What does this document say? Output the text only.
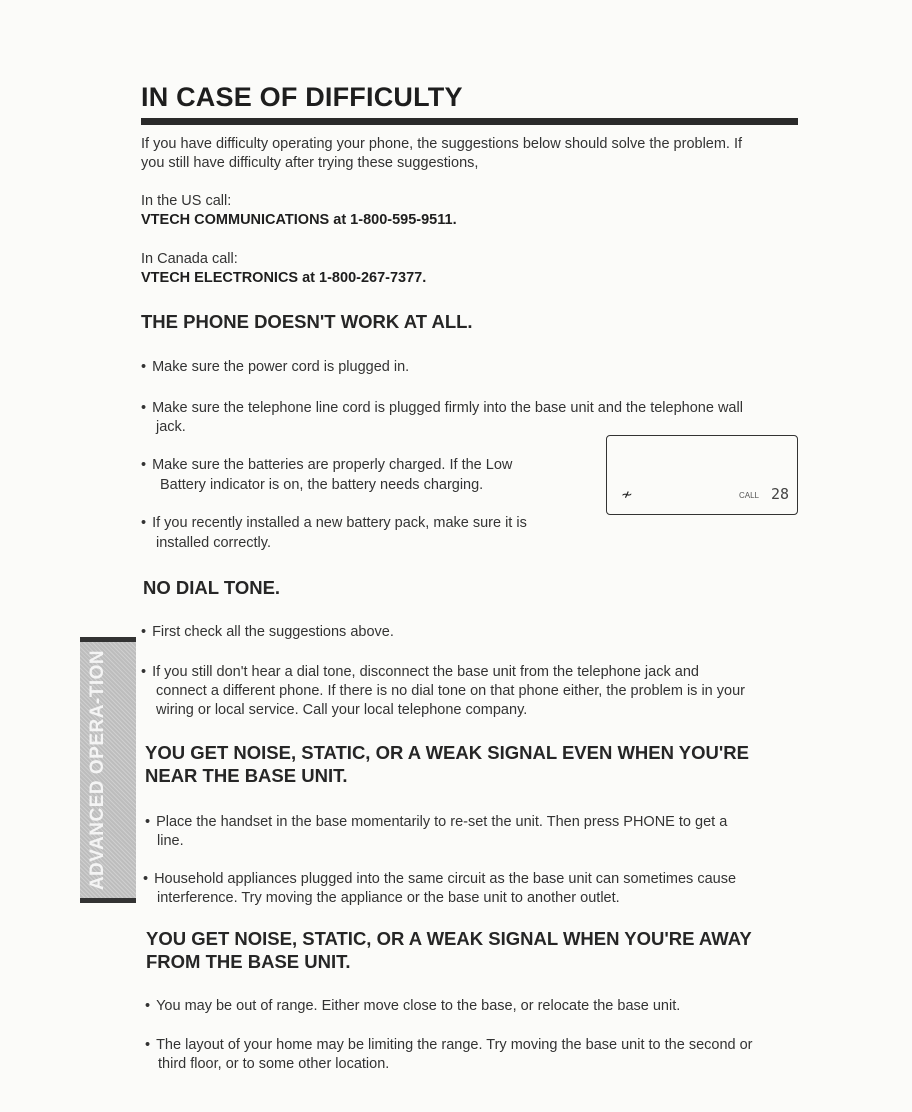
IN CASE OF DIFFICULTY
If you have difficulty operating your phone, the suggestions below should solve the problem. If
you still have difficulty after trying these suggestions,
In the US call:
VTECH COMMUNICATIONS at 1-800-595-9511.
In Canada call:
VTECH ELECTRONICS at 1-800-267-7377.
THE PHONE DOESN'T WORK AT ALL.
• Make sure the power cord is plugged in.
• Make sure the telephone line cord is plugged firmly into the base unit and the telephone wall
jack.
• Make sure the batteries are properly charged. If the Low
Battery indicator is on, the battery needs charging.
• If you recently installed a new battery pack, make sure it is
installed correctly.
≁	CALL 28
NO DIAL TONE.
• First check all the suggestions above.
• If you still don't hear a dial tone, disconnect the base unit from the telephone jack and
connect a different phone. If there is no dial tone on that phone either, the problem is in your
wiring or local service. Call your local telephone company.
YOU GET NOISE, STATIC, OR A WEAK SIGNAL EVEN WHEN YOU'RE
NEAR THE BASE UNIT.
• Place the handset in the base momentarily to re-set the unit. Then press PHONE to get a
line.
• Household appliances plugged into the same circuit as the base unit can sometimes cause
interference. Try moving the appliance or the base unit to another outlet.
YOU GET NOISE, STATIC, OR A WEAK SIGNAL WHEN YOU'RE AWAY
FROM THE BASE UNIT.
• You may be out of range. Either move close to the base, or relocate the base unit.
• The layout of your home may be limiting the range. Try moving the base unit to the second or
third floor, or to some other location.
ADVANCED OPERA-TION
